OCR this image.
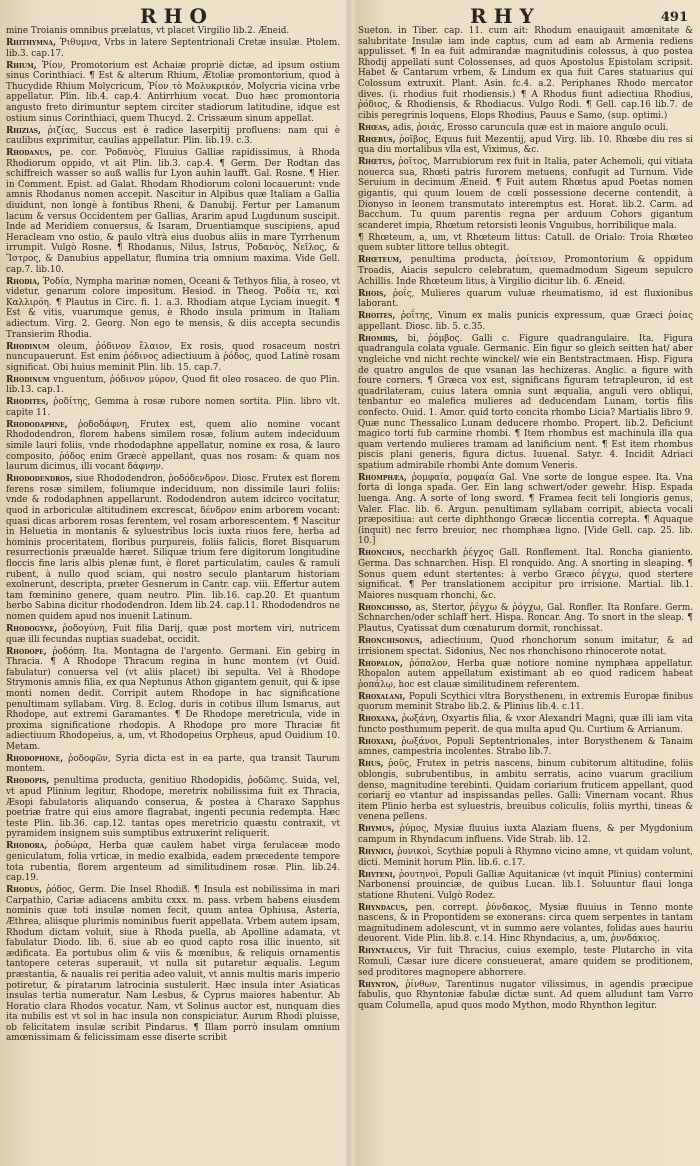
RHO	RHY	491

mine Troianis omnibus prælatus, vt placet Virgilio lib.2. Æneid.

Rhithymna, Ῥιθυμνα, Vrbs in latere Septentrionali Cretæ insulæ. Ptolem. lib.3. cap.17.

Rhium, Ῥίον, Promotorium est Achaiæ propriè dictæ, ad ipsum ostium sinus Corinthiaci. ¶ Est & alterum Rhium, Ætoliæ promontorium, quod à Thucydide Rhium Molycricum, Ῥίον τὸ Μολυκρικόν, Molycria vicina vrbe appellatur. Plin. lib.4. cap.4. Antirrhium vocat. Duo hæc promontoria angusto freto dirimuntur septem circiter stadiorum latitudine, idque est ostium sinus Corinthiaci, quem Thucyd. 2. Crissæum sinum appellat.

Rhizias, ῥιζίας, Succus est è radice laserpitij profluens: nam qui è caulibus exprimitur, caulias appellatur. Plin. lib.19. c.3.

Rhodanus, pe. cor. Ῥοδανὸς, Fluuius Galliæ rapidissimus, à Rhoda Rhodiorum oppido, vt ait Plin. lib.3. cap.4. ¶ Germ. Der Rodtan das schiffreich wasser so auß wallis fur Lyon auhin laufft. Gal. Rosne. ¶ Hier. in Comment. Epist. ad Galat. Rhodam Rhodiorum coloni locauerunt: vnde amnis Rhodanus nomen accepit. Nascitur in Alpibus quæ Italiam a Gallia diuidunt, non longè à fontibus Rheni, & Danubij. Fertur per Lamanum lacum & versus Occidentem per Gallias, Ararim apud Lugdunum suscipit. Inde ad Meridiem conuersus, & Isaram, Druentiamque suscipiens, apud Heracleam vno ostio, & paulo vltrà eius duobus aliis in mare Tyrrhenum irrumpit. Vulgò Rosne. ¶ Rhodanus, Nilus, Istrus, Ῥοδανὸς, Νεῖλος, & Ἴστρος, & Danubius appellatur, flumina tria omnium maxima. Vide Gell. cap.7. lib.10.

Rhodia, Ῥοδία, Nympha marinæ nomen, Oceani & Tethyos filia, à roseo, vt videtur, genarum colore impositum. Hesiod. in Theog. Ῥοδία τε, καὶ Καλλιρόη. ¶ Plautus in Circ. fi. 1. a.3. Rhodiam atque Lyciam inuegit. ¶ Est & vitis, vuarumque genus, è Rhodo insula primum in Italiam adiectum. Virg. 2. Georg. Non ego te mensis, & diis accepta secundis Transierim Rhodia.

Rhodinum oleum, ῥόδινον ἔλαιον, Ex rosis, quod rosaceum nostri nuncupauerunt. Est enim ῥόδινος adiectiuum à ῥόδος, quod Latinè rosam significat. Obi huius meminit Plin. lib. 15. cap.7.

Rhodinum vnguentum, ῥόδινον μύρον, Quod fit oleo rosaceo. de quo Plin. lib.13. cap.1.

Rhodites, ῥοδίτης, Gemma à rosæ rubore nomen sortita. Plin. libro vlt. capite 11.

Rhododaphne, ῥοδοδάφνη, Frutex est, quem alio nomine vocant Rhododendron, florem habens similem rosæ, folium autem indeciduum simile lauri foliis, vnde rhododaphne appellatur, nomine ex rosa, & lauro composito, ῥόδος enim Græcè appellant, quas nos rosam: & quam nos laurum dicimus, illi vocant δάφνην.

Rhododendros, siue Rhododendron, ῥοδόδενδρον. Diosc. Frutex est florem ferens rosæ similem, foliumque indeciduum, non dissimile lauri foliis: vnde & rododaphnen appellarunt. Rododendron autem idcirco vocitatur, quod in arboriculæ altitudinem excrescat, δένδρον enim arborem vocant: quasi dicas arborem rosas ferentem, vel rosam arborescentem. ¶ Nascitur in Heluetia in montanis & syluestribus locis iuxta riuos fere, herba ad hominis proceritatem, floribus purpureis, foliis falicis, floret Bisquarum resurrectionis præualde hæret. Siliquæ trium fere digitorum longitudine floccis fine laris albis plenæ funt, è floret particulatim, caules & ramuli rubent, à nullo quod sciam, qui nostro seculo plantarum historiam exolnerunt, descripta, præter Gesnerum in Cantr. cap. viii. Effertur autem tam fœminino genere, quam neutro. Plin. lib.16. cap.20. Et quantum herbo Sabina dicitur rhododendron. Idem lib.24. cap.11. Rhododendros ne nomen quidem apud nos inuenit Latinum.

Rhodogyne, ῥοδογύνη, Fuit filia Darij, quæ post mortem viri, nutricem quæ illi fecundas nuptias suadebat, occidit.

Rhodope, ῥοδόπη. Ita. Montagna de l'argento. Germani. Ein gebirg in Thracia. ¶ A Rhodope Thracum regina in hunc montem (vt Ouid. fabulatur) conuersa vel (vt aliis placet) ibi sepulta. Vel à Rhodope Strymonis amnis filia, ex qua Neptunus Athon gigantem genuit, qui & ipse monti nomen dedit. Corripit autem Rhodope in hac significatione penultimam syllabam. Virg. 8. Eclog. duris in cotibus illum Ismarus, aut Rhodope, aut extremi Garamantes. ¶ De Rhodope meretricula, vide in proxima significatione rhodopis. A Rhodope pro more Thraciæ fit adiectiuum Rhodopeius, a, um, vt Rhodopeius Orpheus, apud Ouidium 10. Metam.

Rhodophone, ῥοδοφῶν, Syria dicta est in ea parte, qua transit Taurum montem.

Rhodopis, penultima producta, genitiuo Rhodopidis, ῥοδῶπις. Suida, vel, vt apud Plinium legitur, Rhodope, meretrix nobilissima fuit ex Thracia, Æsopi fabulatoris aliquando conserua, & postea à Charaxo Sapphus poetriæ fratre qui eius amore flagrabat, ingenti pecunia redempta. Hæc teste Plin. lib.36. cap.12. tantas opes meretricio quæstu contraxit, vt pyramidem insignem suis sumptibus extruxerint reliquerit.

Rhodora, ῥοδώρα, Herba quæ caulem habet virga ferulaceæ modo geniculatum, folia vrticæ, in medio exalbida, eadem præcedente tempore tota rubentia, florem argenteum ad similitudinem rosæ. Plin. lib.24. cap.19.

Rhodus, ῥόδος, Germ. Die Insel Rhodiß. ¶ Insula est nobilissima in mari Carpathio, Cariæ adiacens ambitu cxxx. m. pass. vrbem habens eiusdem nominis quæ toti insulæ nomen fecit, quum antea Ophiusa, Asteria, Æthrea, aliisque plurimis nominibus fuerit appellata. Vrbem autem ipsam, Rhodum dictam voluit, siue à Rhoda puella, ab Apolline adamata, vt fabulatur Diodo. lib. 6. siue ab eo quod capto rosa illic inuento, sit ædificata. Ea portubus olim & viis & mœnibus, & reliquis ornamentis tantopere ceteras superauit, vt nulla sit putaretur æqualis. Legum præstantia, & naualis rei peritia adeo valuit, vt annis multis maris imperio potiretur, & piratarum latrocinia sustulerit. Hæc insula inter Asiaticas insulas tertia numeratur. Nam Lesbus, & Cyprus maiores habentur. Ab Horatio clara Rhodos vocatur. Nam, vt Solinus auctor est, nunquam dies ita nubilis est vt sol in hac insula non conspiciatur. Aurum Rhodi pluisse, ob felicitatem insulæ scribit Pindarus. ¶ Illam porrò insulam omnium amœnissimam & felicissimam esse diserte scribit

Sueton. in Tiber. cap. 11. cum ait: Rhodum enauigauit amœnitate & salubritate Insulæ iam inde captus, cum ad eam ab Armenia rediens appulisset. ¶ In ea fuit admirandæ magnitudinis colossus, à quo postea Rhodij appellati sunt Colossenses, ad quos Apostolus Epistolam scripsit. Habet & Cantarum vrbem, & Lindum ex qua fuit Cares statuarius qui Colossum extruxit. Plant. Asin. fc.4. a.2. Periphanes Rhodo mercator dives. (i. rhodius fuit rhodiensis.) ¶ A Rhodus fiunt adiectiua Rhodius, ῥόδιος, & Rhodiensis, & Rhodiacus. Vulgo Rodi. ¶ Gell. cap.16 lib.7. de cibis peregrinis loquens, Elops Rhodius, Pauus e Samo, (sup. optimi.)

Rhœas, adis, ῥοιάς, Erosso caruncula quæ est in maiore angulo oculi.

Rhœbus, ῥοῖβος, Equus fuit Mezentij, apud Virg. lib. 10. Rhœbe diu res si qua diu mortalibus vlla est, Viximus, &c.

Rhœtus, ῥοῖτος, Marrubiorum rex fuit in Italia, pater Achemoli, qui vitiata nouerca sua, Rhœti patris furorem metuens, confugit ad Turnum. Vide Seruium in decimum Æneid. ¶ Fuit autem Rhœtus apud Poetas nomen gigantis, qui quum louem de cœli possessione decerne contendit, à Dionyso in leonem transmutato interemptus est. Horat. lib.2. Carm. ad Bacchum. Tu quum parentis regna per arduum Cohors gigantum scanderet impia, Rhœtum retorsisti leonis Vnguibus, horribilique mala.

¶ Rhœteum, a, um, vt Rhœteum littus: Catull. de Orialo: Troia Rhœteo quem subter littore tellus obtegit.

Rhœteum, penultima producta, ῥοίτειον, Promontorium & oppidum Troadis, Aiacis sepulcro celebratum, quemadmodum Sigeum sepulcro Achillis. Inde Rhœteum litus, à Virgilio dicitur lib. 6. Æneid.

Rhois, ῥοΐς, Mulieres quarum vuluæ rheumatismo, id est fluxionibus laborant.

Rhoites, ῥοΐτης, Vinum ex malis punicis expressum, quæ Græci ῥοίας appellant. Diosc. lib. 5. c.35.

Rhombis, bi, ῥόμβος. Galli c. Figure quadrangulaire. Ita. Figura quadrangula colata vguale. Germanic. Ein figur so gleich seitten hat/ aber vngleiche vnd nicht rechte winckel/ wie ein Bentstractmaen. Hisp. Figura de quatro angulos de que vsanan las hechizeras. Anglic. a figure with foure corners. ¶ Græca vox est, significans figuram tetrapleuron, id est quadrilateram, cuius latera omnia sunt æqualia, anguli vero obliqui, tenbantur eo malefica mulieres ad deducendam Lunam, tortis filis confecto. Ouid. 1. Amor. quid torto concita rhombo Licia? Martialis libro 9. Quæ nunc Thessalico Lunam deducere rhombo. Propert. lib.2. Deficiunt magico torti fub carmine rhombi. ¶ Item rhombus est machinula illa qua quam vertendo mulieres tramam ad lanificium nent. ¶ Est item rhombus piscis plani generis, figura dictus. Iuuenal. Satyr. 4. Incidit Adriaci spatium admirabile rhombi Ante domum Veneris.

Rhomphæa, ῥομφαία, ρομφαία Gal. Vne sorte de longue espee. Ita. Vna forta di longa spada. Ger. Ein lang schwert/oder gewehr. Hisp. Espada luenga. Ang. A sorte of long sword. ¶ Framea fecit teli longioris genus, Valer. Flac. lib. 6. Argun. penultimam syllabam corripit, abiecta vocali præpositiua: aut certe diphthongo Græcæ liccentia correpta. ¶ Aquaque (inquit) nec ferro breuior, nec rhomphæa ligno. [Vide Gell. cap. 25. lib. 10.]

Rhonchus, neccharkh ῥέγχος Gall. Ronflement. Ital. Roncha gianiento. Germa. Das schnarchen. Hisp. El ronquido. Ang. A snorting in sleaping. ¶ Sonus quem edunt stertentes: à verbo Græco ῥέγχω, quod stertere significat. ¶ Per translationem accipitur pro irrisione. Martial. lib.1. Maiores nusquam rhonchi, &c.

Rhonchisso, as, Stertor, ῥέγχω & ῥόγχω, Gal. Ronfler. Ita Ronfare. Germ. Schnarchen/oder schlaff hert. Hispa. Roncar. Ang. To snort in the sleap. ¶ Plautus, Cyatissat dum cœnaturum dormit, ronchissat.

Rhonchisonus, adiectiuum, Quod rhonchorum sonum imitatur, & ad irrisionem spectat. Sidonius, Nec nos rhonchisono rhinocerote notat.

Rhopalon, ῥόπαλον, Herba quæ notiore nomine nymphæa appellatur. Rhopalon autem appellatum existimant ab eo quod radicem habeat ῥοπάλῳ, hoc est clauæ similitudinem referentem.

Rhoxalani, Populi Scythici vltra Borysthenem, in extremis Europæ finibus quorum meminit Strabo lib.2. & Plinius lib.4. c.11.

Rhoxana, ῥωξάνη, Oxyartis filia, & vxor Alexandri Magni, quæ illi iam vita functo posthumum peperit. de qua multa apud Qu. Curtium & Arrianum.

Rhoxani, ῥωξάνοι, Populi Septentrionales, inter Borysthenem & Tanaim amnes, campestria incolentes. Strabo lib.7.

Rhus, ῥοῦς, Frutex in petris nascens, binum cubitorum altitudine, foliis oblongis, subrubentibus, in ambitu serratis, acino vuarum gracilium denso, magnitudine terebinti. Quidam coriarium fruticem appellant, quod coriarij eo vtantur ad inspissandas pelles. Galli: Vinernam vocant. Rhus item Plinio herba est syluestris, breuibus coliculis, foliis myrthi, tineas & venena pellens.

Rhymus, ῥύμος, Mysiæ fluuius iuxta Alaziam fluens, & per Mygdonium campum in Rhyndacum influens. Vide Strab. lib. 12.

Rhynici, ῥυνικοὶ, Scythiæ populi à Rhymno vicino amne, vt quidam volunt, dicti. Meminit horum Plin. lib.6. c.17.

Rhyteni, ῥουτηνοὶ, Populi Galliæ Aquitanicæ (vt inquit Plinius) contermini Narbonensi prouinciæ, de quibus Lucan. lib.1. Soluuntur flaui longa statione Rhuteni. Vulgò Rodez.

Rhyndacus, pen. corrept. ῥύνδακος, Mysiæ fluuius in Tenno monte nascens, & in Propontidem se exonerans: circa quem serpentes in tantam magnitudinem adolescunt, vt in summo aere volantes, folidas aues hauriu deuorent. Vide Plin. lib.8. c.14. Hinc Rhyndacius, a, um, ῥυνδάκιος.

Rhyntalcus, Vir fuit Thracius, cuius exemplo, teste Plutarcho in vita Romuli, Cæsar iure dicere consueuerat, amare quidem se proditionem, sed proditores magnopere abhorrere.

Rhynton, ῥίνθων, Tarentinus nugator vilissimus, in agendis præcipue fabulis, quo Rhyntoniæ fabulæ dictæ sunt. Ad quem alludunt tam Varro quam Columella, apud quos modo Mython, modo Rhynthon legitur.
